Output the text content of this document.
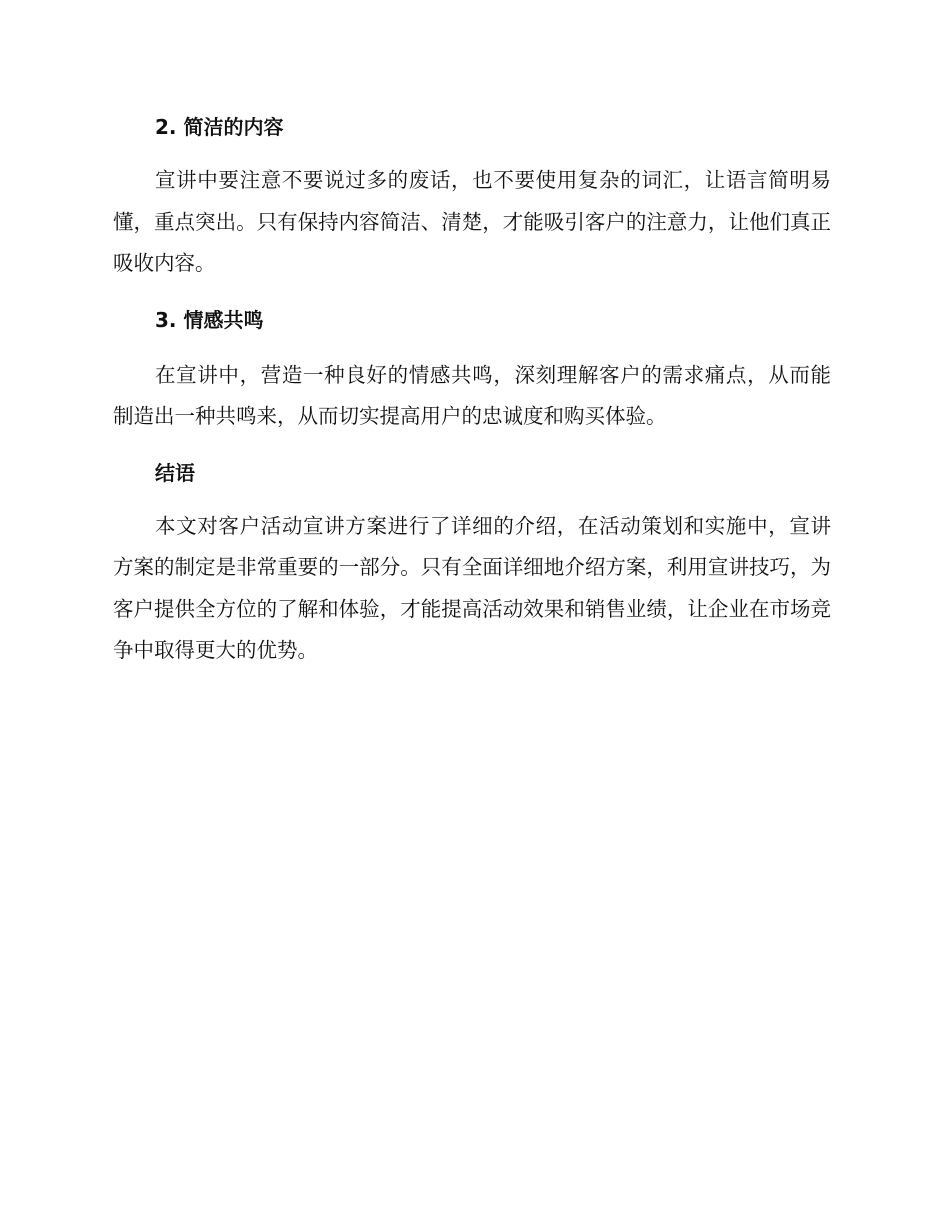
2. 简洁的内容

宣讲中要注意不要说过多的废话，也不要使用复杂的词汇，让语言简明易懂，重点突出。只有保持内容简洁、清楚，才能吸引客户的注意力，让他们真正吸收内容。

3. 情感共鸣

在宣讲中，营造一种良好的情感共鸣，深刻理解客户的需求痛点，从而能制造出一种共鸣来，从而切实提高用户的忠诚度和购买体验。

结语

本文对客户活动宣讲方案进行了详细的介绍，在活动策划和实施中，宣讲方案的制定是非常重要的一部分。只有全面详细地介绍方案，利用宣讲技巧，为客户提供全方位的了解和体验，才能提高活动效果和销售业绩，让企业在市场竞争中取得更大的优势。
